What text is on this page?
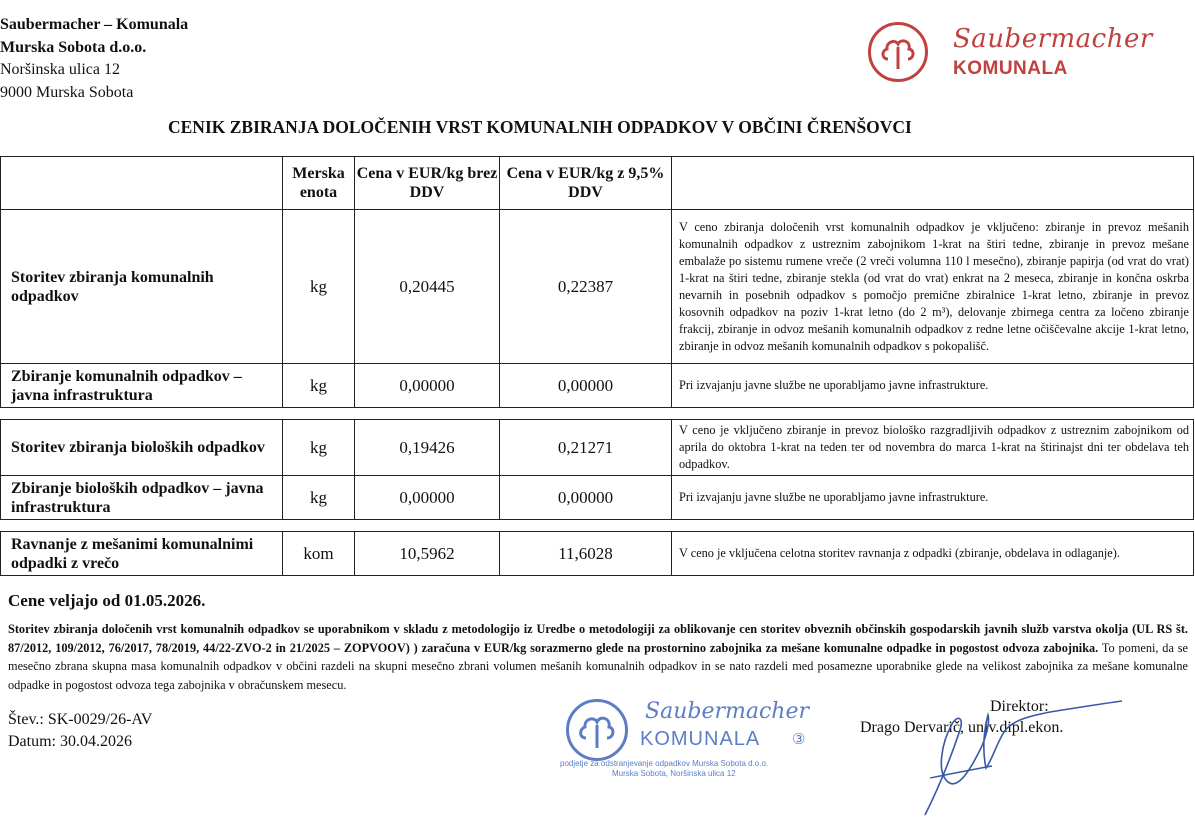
Saubermacher – Komunala
Murska Sobota d.o.o.
Noršinska ulica 12
9000 Murska Sobota
Saubermacher
KOMUNALA
CENIK ZBIRANJA DOLOČENIH VRST KOMUNALNIH ODPADKOV V OBČINI ČRENŠOVCI
	Merska enota	Cena v EUR/kg brez DDV	Cena v EUR/kg z 9,5% DDV	
Storitev zbiranja komunalnih odpadkov	kg	0,20445	0,22387	V ceno zbiranja določenih vrst komunalnih odpadkov je vključeno: zbiranje in prevoz mešanih komunalnih odpadkov z ustreznim zabojnikom 1-krat na štiri tedne, zbiranje in prevoz mešane embalaže po sistemu rumene vreče (2 vreči volumna 110 l mesečno), zbiranje papirja (od vrat do vrat) 1-krat na štiri tedne, zbiranje stekla (od vrat do vrat) enkrat na 2 meseca, zbiranje in končna oskrba nevarnih in posebnih odpadkov s pomočjo premične zbiralnice 1-krat letno, zbiranje in prevoz kosovnih odpadkov na poziv 1-krat letno (do 2 m³), delovanje zbirnega centra za ločeno zbiranje frakcij, zbiranje in odvoz mešanih komunalnih odpadkov z redne letne očiščevalne akcije 1-krat letno, zbiranje in odvoz mešanih komunalnih odpadkov s pokopališč.
Zbiranje komunalnih odpadkov – javna infrastruktura	kg	0,00000	0,00000	Pri izvajanju javne službe ne uporabljamo javne infrastrukture.

Storitev zbiranja bioloških odpadkov	kg	0,19426	0,21271	V ceno je vključeno zbiranje in prevoz biološko razgradljivih odpadkov z ustreznim zabojnikom od aprila do oktobra 1-krat na teden ter od novembra do marca 1-krat na štirinajst dni ter obdelava teh odpadkov.
Zbiranje bioloških odpadkov – javna infrastruktura	kg	0,00000	0,00000	Pri izvajanju javne službe ne uporabljamo javne infrastrukture.

Ravnanje z mešanimi komunalnimi odpadki z vrečo	kom	10,5962	11,6028	V ceno je vključena celotna storitev ravnanja z odpadki (zbiranje, obdelava in odlaganje).
Cene veljajo od 01.05.2026.
Storitev zbiranja določenih vrst komunalnih odpadkov se uporabnikom v skladu z metodologijo iz Uredbe o metodologiji za oblikovanje cen storitev obveznih občinskih gospodarskih javnih služb varstva okolja (UL RS št. 87/2012, 109/2012, 76/2017, 78/2019, 44/22-ZVO-2 in 21/2025 – ZOPVOOV) ) zaračuna v EUR/kg sorazmerno glede na prostornino zabojnika za mešane komunalne odpadke in pogostost odvoza zabojnika. To pomeni, da se mesečno zbrana skupna masa komunalnih odpadkov v občini razdeli na skupni mesečno zbrani volumen mešanih komunalnih odpadkov in se nato razdeli med posamezne uporabnike glede na velikost zabojnika za mešane komunalne odpadke in pogostost odvoza tega zabojnika v obračunskem mesecu.
Štev.: SK-0029/26-AV
Datum: 30.04.2026
Saubermacher
KOMUNALA ③
podjetje za odstranjevanje odpadkov Murska Sobota d.o.o.
Murska Sobota, Noršinska ulica 12
Direktor:
Drago Dervarič, univ.dipl.ekon.
